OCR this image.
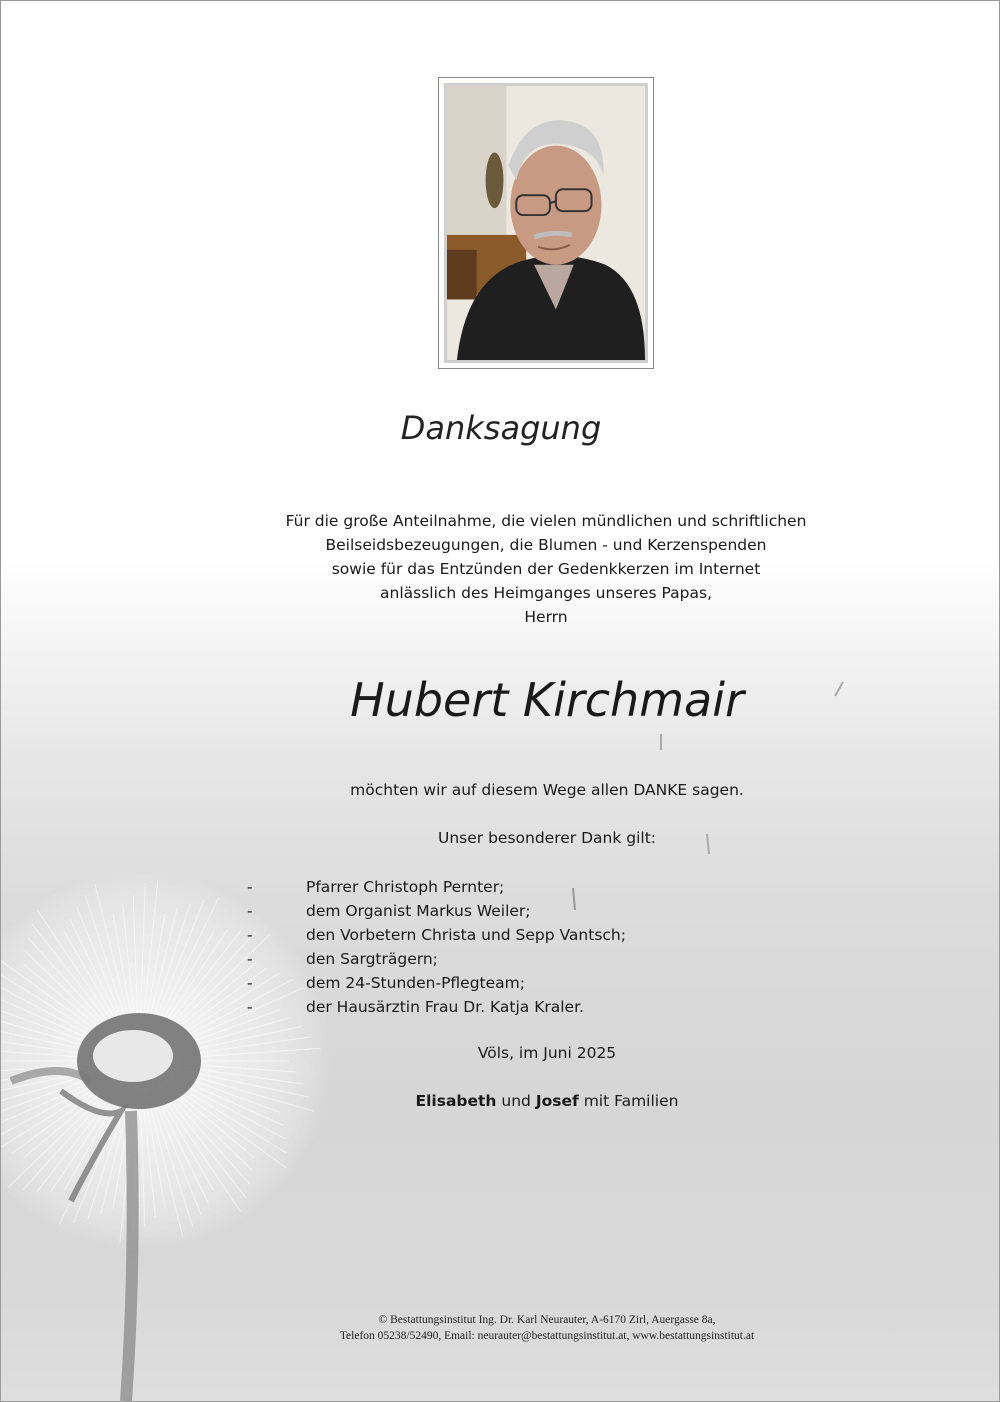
Danksagung
Für die große Anteilnahme, die vielen mündlichen und schriftlichen
Beilseidsbezeugungen, die Blumen - und Kerzenspenden
sowie für das Entzünden der Gedenkkerzen im Internet
anlässlich des Heimganges unseres Papas,
Herrn
Hubert Kirchmair
möchten wir auf diesem Wege allen DANKE sagen.
Unser besonderer Dank gilt:
-	Pfarrer Christoph Pernter;
-	dem Organist Markus Weiler;
-	den Vorbetern Christa und Sepp Vantsch;
-	den Sargträgern;
-	dem 24-Stunden-Pflegteam;
-	der Hausärztin Frau Dr. Katja Kraler.
Völs, im Juni 2025
Elisabeth und Josef mit Familien
© Bestattungsinstitut Ing. Dr. Karl Neurauter, A-6170 Zirl, Auergasse 8a,
Telefon 05238/52490, Email: neurauter@bestattungsinstitut.at, www.bestattungsinstitut.at
